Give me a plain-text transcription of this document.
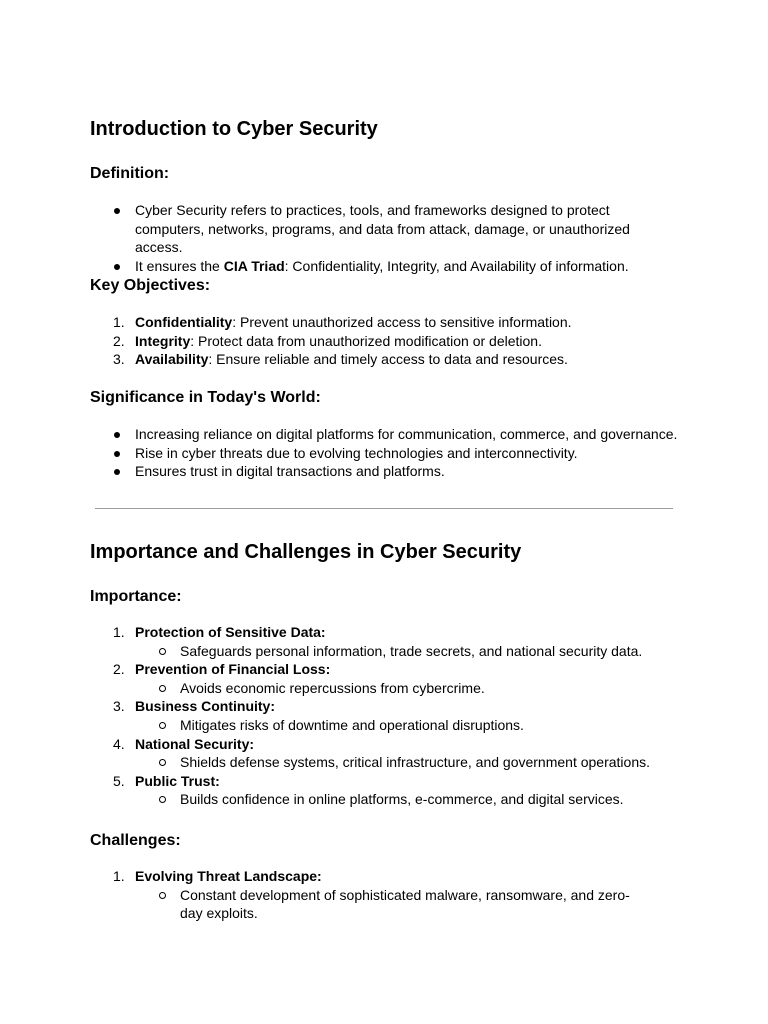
Introduction to Cyber Security
Definition:
Cyber Security refers to practices, tools, and frameworks designed to protect computers, networks, programs, and data from attack, damage, or unauthorized access.
It ensures the CIA Triad: Confidentiality, Integrity, and Availability of information.
Key Objectives:
1. Confidentiality: Prevent unauthorized access to sensitive information.
2. Integrity: Protect data from unauthorized modification or deletion.
3. Availability: Ensure reliable and timely access to data and resources.
Significance in Today's World:
Increasing reliance on digital platforms for communication, commerce, and governance.
Rise in cyber threats due to evolving technologies and interconnectivity.
Ensures trust in digital transactions and platforms.
Importance and Challenges in Cyber Security
Importance:
1. Protection of Sensitive Data:
Safeguards personal information, trade secrets, and national security data.
2. Prevention of Financial Loss:
Avoids economic repercussions from cybercrime.
3. Business Continuity:
Mitigates risks of downtime and operational disruptions.
4. National Security:
Shields defense systems, critical infrastructure, and government operations.
5. Public Trust:
Builds confidence in online platforms, e-commerce, and digital services.
Challenges:
1. Evolving Threat Landscape:
Constant development of sophisticated malware, ransomware, and zero-day exploits.
